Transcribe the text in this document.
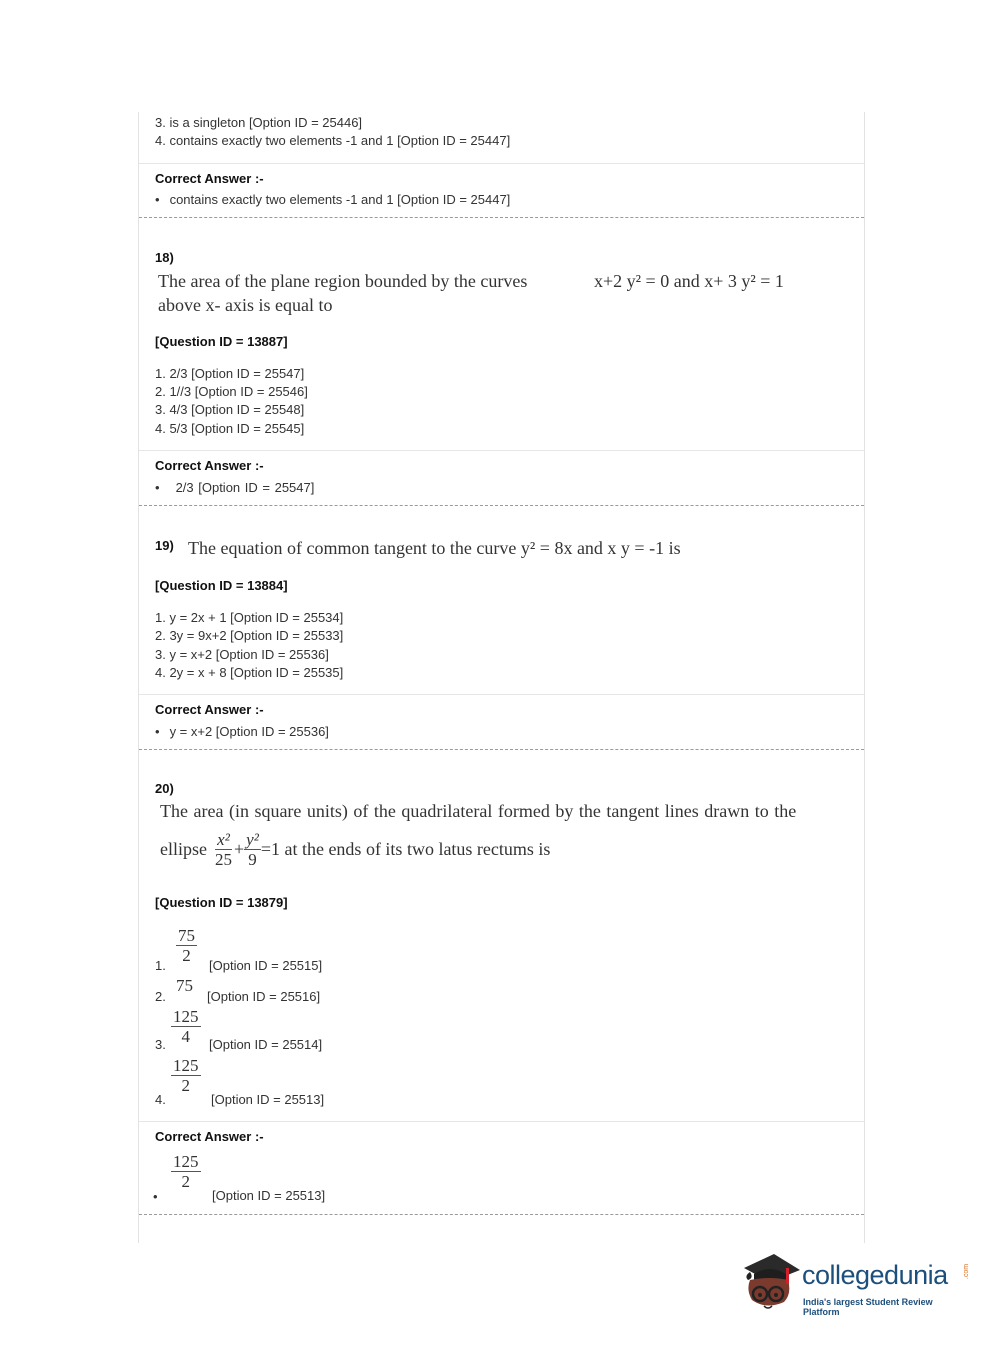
3. is a singleton [Option ID = 25446]
4. contains exactly two elements -1 and 1 [Option ID = 25447]
Correct Answer :-
• contains exactly two elements -1 and 1 [Option ID = 25447]
18)
The area of the plane region bounded by the curves	x+2 y² = 0 and x+ 3 y² = 1
above x- axis is equal to
[Question ID = 13887]
1. 2/3 [Option ID = 25547]
2. 1//3 [Option ID = 25546]
3. 4/3 [Option ID = 25548]
4. 5/3 [Option ID = 25545]
Correct Answer :-
• 2/3 [Option ID = 25547]
19) The equation of common tangent to the curve y² = 8x and x y = -1 is
[Question ID = 13884]
1. y = 2x + 1 [Option ID = 25534]
2. 3y = 9x+2 [Option ID = 25533]
3. y = x+2 [Option ID = 25536]
4. 2y = x + 8 [Option ID = 25535]
Correct Answer :-
• y = x+2 [Option ID = 25536]
20)
The area (in square units) of the quadrilateral formed by the tangent lines drawn to the
ellipse $\frac{\text{x²}}{25} + \frac{\text{y²}}{9} =1$ at the ends of its two latus rectums is
[Question ID = 13879]
$\frac{75}{2}$
1.	[Option ID = 25515]
2.
75
[Option ID = 25516]
$\frac{125}{4}$
3.	[Option ID = 25514]
$\frac{125}{2}$
4.	[Option ID = 25513]
Correct Answer :-
$\frac{125}{2}$
•	[Option ID = 25513]
collegedunia .com
India's largest Student Review Platform
